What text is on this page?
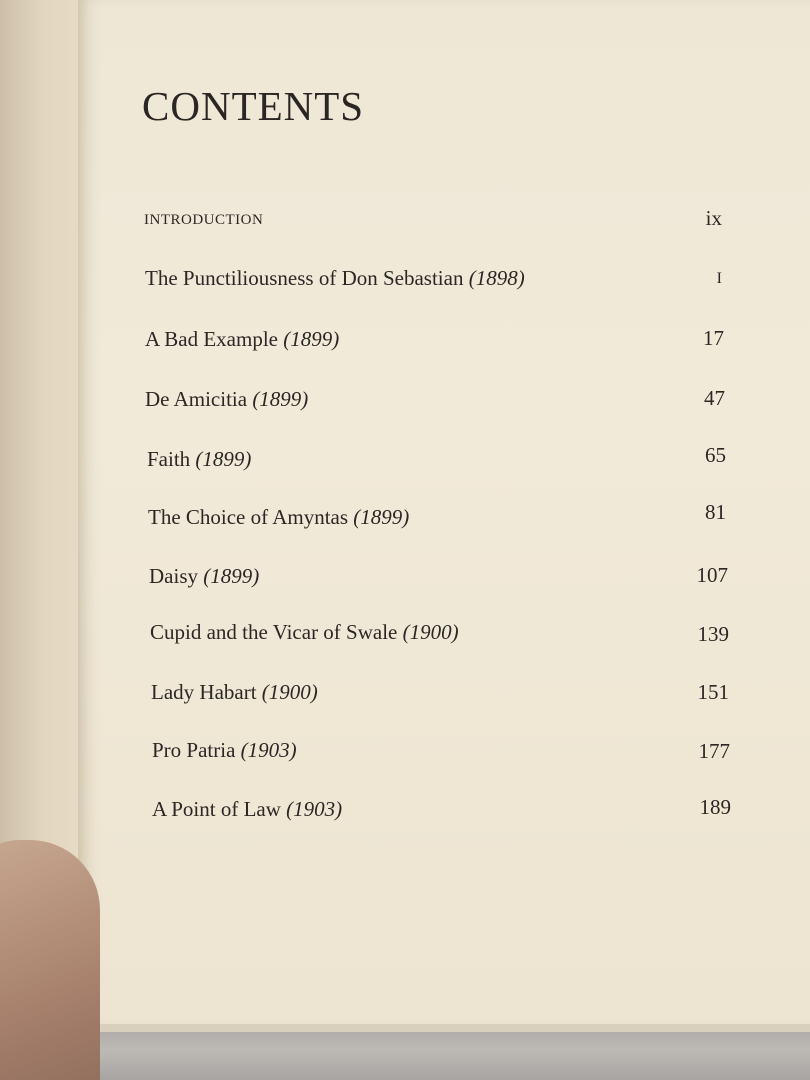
CONTENTS
INTRODUCTION	ix
The Punctiliousness of Don Sebastian (1898)	I
A Bad Example (1899)	17
De Amicitia (1899)	47
Faith (1899)	65
The Choice of Amyntas (1899)	81
Daisy (1899)	107
Cupid and the Vicar of Swale (1900)	139
Lady Habart (1900)	151
Pro Patria (1903)	177
A Point of Law (1903)	189
